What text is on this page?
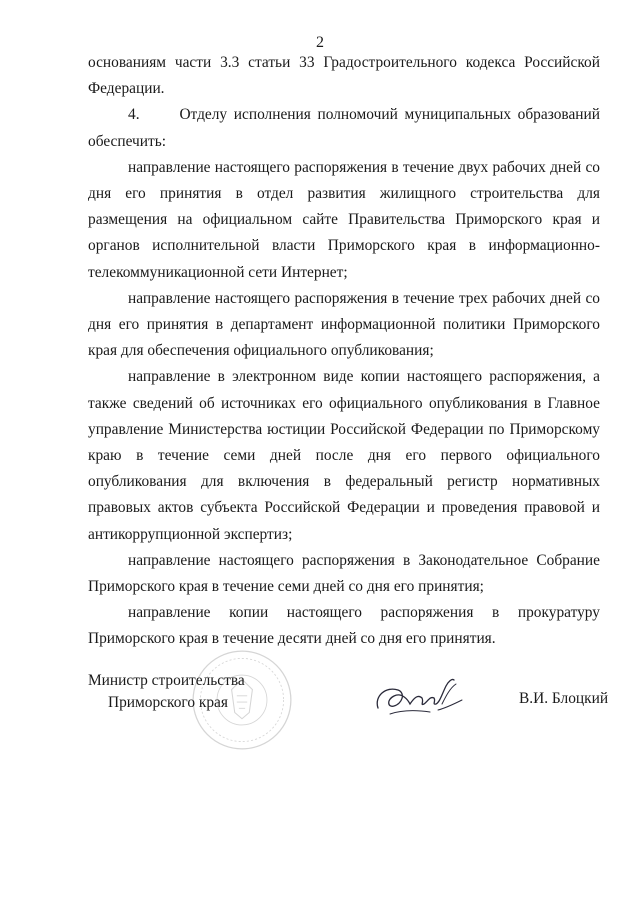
2

основаниям части 3.3 статьи 33 Градостроительного кодекса Российской Федерации.

4.      Отделу исполнения полномочий муниципальных образований обеспечить:

направление настоящего распоряжения в течение двух рабочих дней со дня его принятия в отдел развития жилищного строительства для размещения на официальном сайте Правительства Приморского края и органов исполнительной власти Приморского края в информационно-телекоммуникационной сети Интернет;

направление настоящего распоряжения в течение трех рабочих дней со дня его принятия в департамент информационной политики Приморского края для обеспечения официального опубликования;

направление в электронном виде копии настоящего распоряжения, а также сведений об источниках его официального опубликования в Главное управление Министерства юстиции Российской Федерации по Приморскому краю в течение семи дней после дня его первого официального опубликования для включения в федеральный регистр нормативных правовых актов субъекта Российской Федерации и проведения правовой и антикоррупционной экспертиз;

направление настоящего распоряжения в Законодательное Собрание Приморского края в течение семи дней со дня его принятия;

направление копии настоящего распоряжения в прокуратуру Приморского края в течение десяти дней со дня его принятия.

Министр строительства
Приморского края	В.И. Блоцкий
